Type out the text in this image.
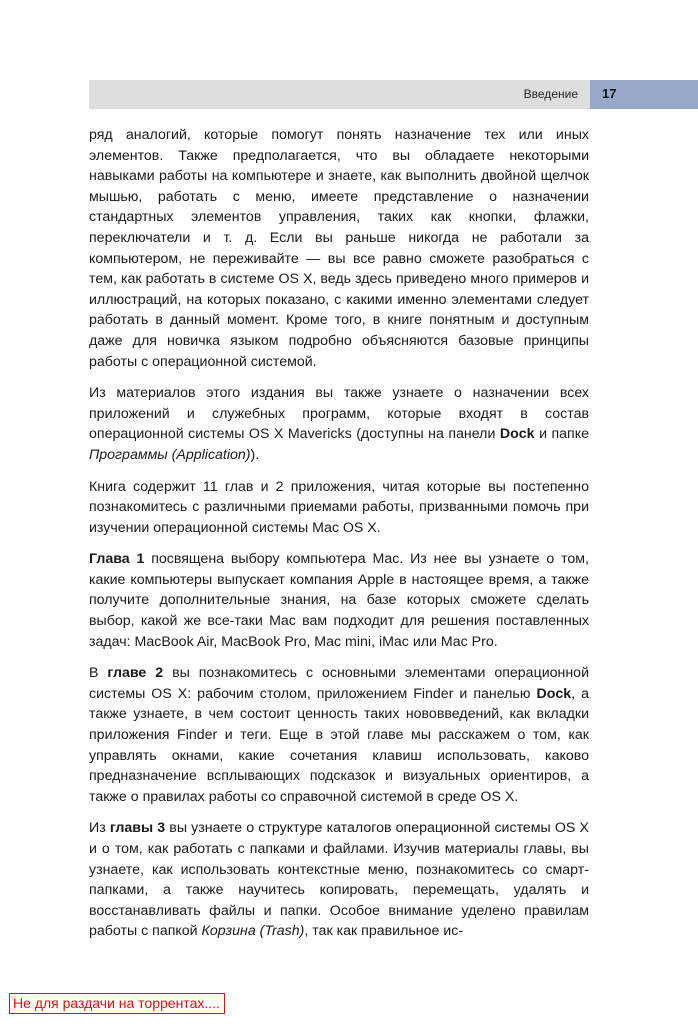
Введение 17

ряд аналогий, которые помогут понять назначение тех или иных элементов. Также предполагается, что вы обладаете некоторыми навыками работы на компьютере и знаете, как выполнить двойной щелчок мышью, работать с меню, имеете представление о назначении стандартных элементов управления, таких как кнопки, флажки, переключатели и т. д. Если вы раньше никогда не работали за компьютером, не переживайте — вы все равно сможете разобраться с тем, как работать в системе OS X, ведь здесь приведено много примеров и иллюстраций, на которых показано, с какими именно элементами следует работать в данный момент. Кроме того, в книге понятным и доступным даже для новичка языком подробно объясняются базовые принципы работы с операционной системой.

Из материалов этого издания вы также узнаете о назначении всех приложений и служебных программ, которые входят в состав операционной системы OS X Mavericks (доступны на панели Dock и папке Программы (Application)).

Книга содержит 11 глав и 2 приложения, читая которые вы постепенно познакомитесь с различными приемами работы, призванными помочь при изучении операционной системы Mac OS X.

Глава 1 посвящена выбору компьютера Mac. Из нее вы узнаете о том, какие компьютеры выпускает компания Apple в настоящее время, а также получите дополнительные знания, на базе которых сможете сделать выбор, какой же все-таки Mac вам подходит для решения поставленных задач: MacBook Air, MacBook Pro, Mac mini, iMac или Mac Pro.

В главе 2 вы познакомитесь с основными элементами операционной системы OS X: рабочим столом, приложением Finder и панелью Dock, а также узнаете, в чем состоит ценность таких нововведений, как вкладки приложения Finder и теги. Еще в этой главе мы расскажем о том, как управлять окнами, какие сочетания клавиш использовать, каково предназначение всплывающих подсказок и визуальных ориентиров, а также о правилах работы со справочной системой в среде OS X.

Из главы 3 вы узнаете о структуре каталогов операционной системы OS X и о том, как работать с папками и файлами. Изучив материалы главы, вы узнаете, как использовать контекстные меню, познакомитесь со смарт-папками, а также научитесь копировать, перемещать, удалять и восстанавливать файлы и папки. Особое внимание уделено правилам работы с папкой Корзина (Trash), так как правильное ис-

Не для раздачи на торрентах....
